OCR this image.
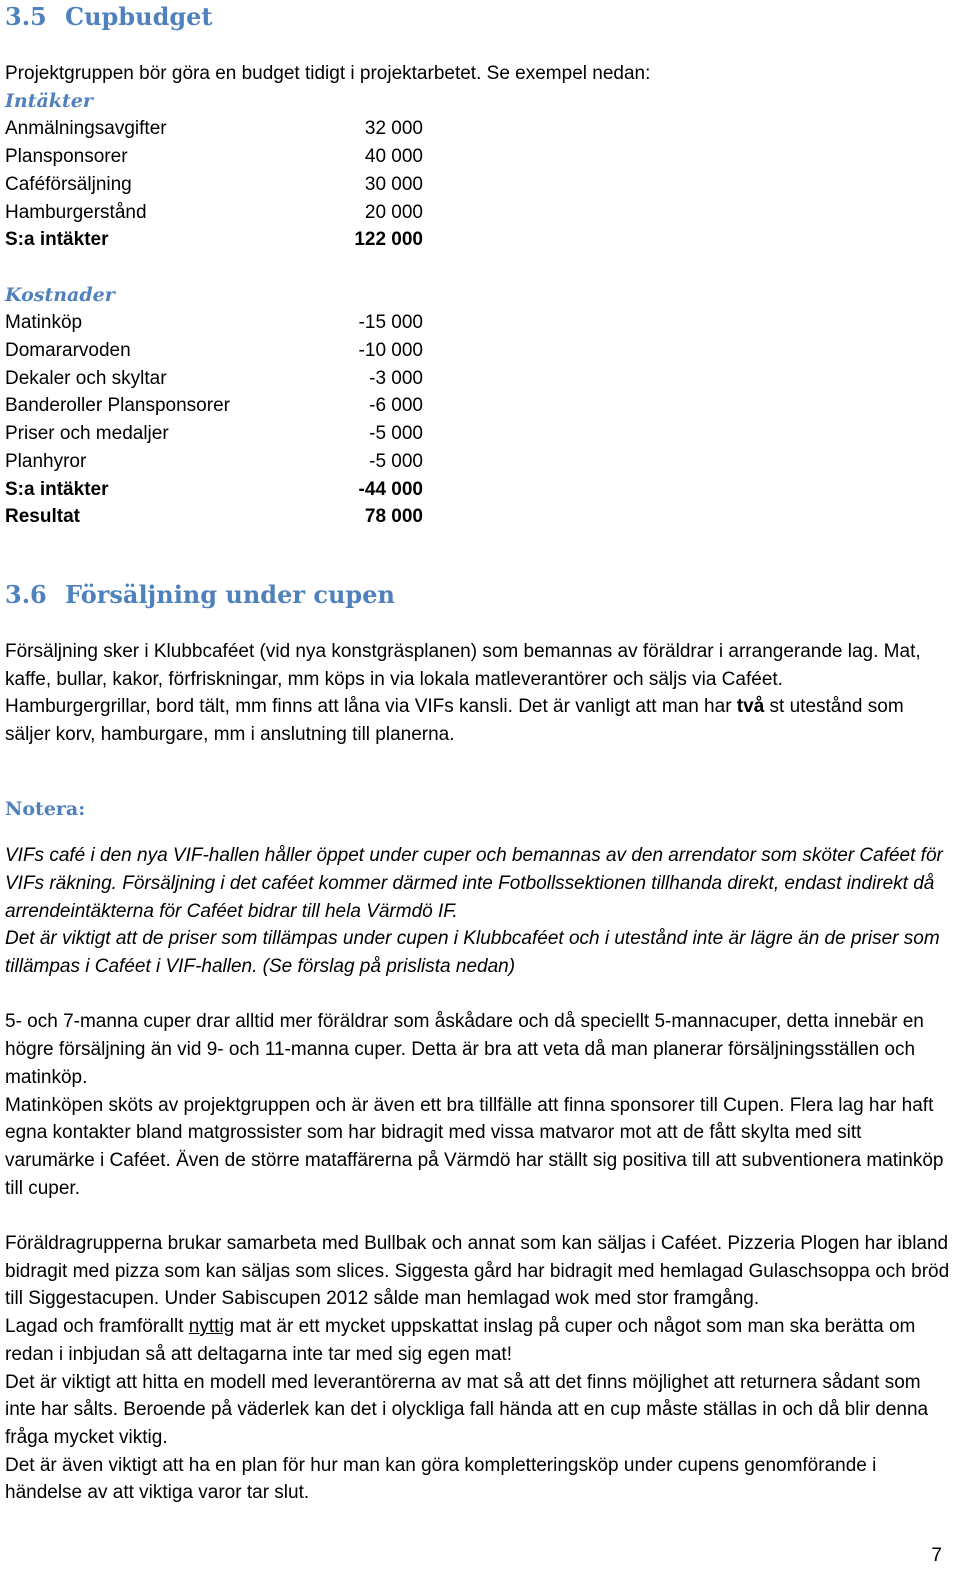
3.5 Cupbudget

Projektgruppen bör göra en budget tidigt i projektarbetet. Se exempel nedan:

Intäkter

Anmälningsavgifter	32 000
Plansponsorer	40 000
Caféförsäljning	30 000
Hamburgerstånd	20 000
S:a intäkter	122 000

Kostnader

Matinköp	-15 000
Domararvoden	-10 000
Dekaler och skyltar	-3 000
Banderoller Plansponsorer	-6 000
Priser och medaljer	-5 000
Planhyror	-5 000
S:a intäkter	-44 000
Resultat	78 000
3.6 Försäljning under cupen

Försäljning sker i Klubbcaféet (vid nya konstgräsplanen) som bemannas av föräldrar i arrangerande lag. Mat, kaffe, bullar, kakor, förfriskningar, mm köps in via lokala matleverantörer och säljs via Caféet.

Hamburgergrillar, bord tält, mm finns att låna via VIFs kansli. Det är vanligt att man har två st utestånd som säljer korv, hamburgare, mm i anslutning till planerna.

Notera:

VIFs café i den nya VIF-hallen håller öppet under cuper och bemannas av den arrendator som sköter Caféet för VIFs räkning. Försäljning i det caféet kommer därmed inte Fotbollssektionen tillhanda direkt, endast indirekt då arrendeintäkterna för Caféet bidrar till hela Värmdö IF.

Det är viktigt att de priser som tillämpas under cupen i Klubbcaféet och i utestånd inte är lägre än de priser som tillämpas i Caféet i VIF-hallen. (Se förslag på prislista nedan)

5- och 7-manna cuper drar alltid mer föräldrar som åskådare och då speciellt 5-mannacuper, detta innebär en högre försäljning än vid 9- och 11-manna cuper. Detta är bra att veta då man planerar försäljningsställen och matinköp.

Matinköpen sköts av projektgruppen och är även ett bra tillfälle att finna sponsorer till Cupen. Flera lag har haft egna kontakter bland matgrossister som har bidragit med vissa matvaror mot att de fått skylta med sitt varumärke i Caféet. Även de större mataffärerna på Värmdö har ställt sig positiva till att subventionera matinköp till cuper.

Föräldragrupperna brukar samarbeta med Bullbak och annat som kan säljas i Caféet. Pizzeria Plogen har ibland bidragit med pizza som kan säljas som slices. Siggesta gård har bidragit med hemlagad Gulaschsoppa och bröd till Siggestacupen. Under Sabiscupen 2012 sålde man hemlagad wok med stor framgång.

Lagad och framförallt nyttig mat är ett mycket uppskattat inslag på cuper och något som man ska berätta om redan i inbjudan så att deltagarna inte tar med sig egen mat!

Det är viktigt att hitta en modell med leverantörerna av mat så att det finns möjlighet att returnera sådant som inte har sålts. Beroende på väderlek kan det i olyckliga fall hända att en cup måste ställas in och då blir denna fråga mycket viktig.

Det är även viktigt att ha en plan för hur man kan göra kompletteringsköp under cupens genomförande i händelse av att viktiga varor tar slut.

7
